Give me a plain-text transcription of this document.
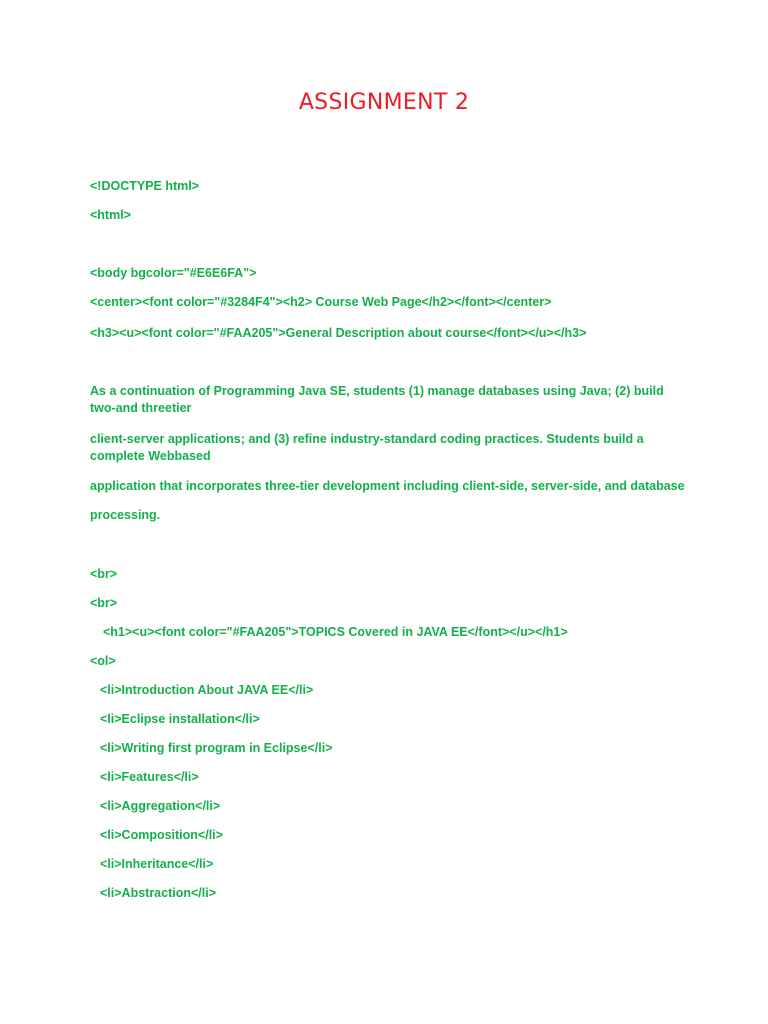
ASSIGNMENT 2
<!DOCTYPE html>
<html>
<body bgcolor="#E6E6FA">
<center><font color="#3284F4"><h2> Course Web Page</h2></font></center>
<h3><u><font color="#FAA205">General Description about course</font></u></h3>
As a continuation of Programming Java SE, students (1) manage databases using Java; (2) build two-and threetier
client-server applications; and (3) refine industry-standard coding practices. Students build a complete Webbased
application that incorporates three-tier development including client-side, server-side, and database
processing.
<br>
<br>
<h1><u><font color="#FAA205">TOPICS Covered in JAVA EE</font></u></h1>
<ol>
<li>Introduction About JAVA EE</li>
<li>Eclipse installation</li>
<li>Writing first program in Eclipse</li>
<li>Features</li>
<li>Aggregation</li>
<li>Composition</li>
<li>Inheritance</li>
<li>Abstraction</li>
